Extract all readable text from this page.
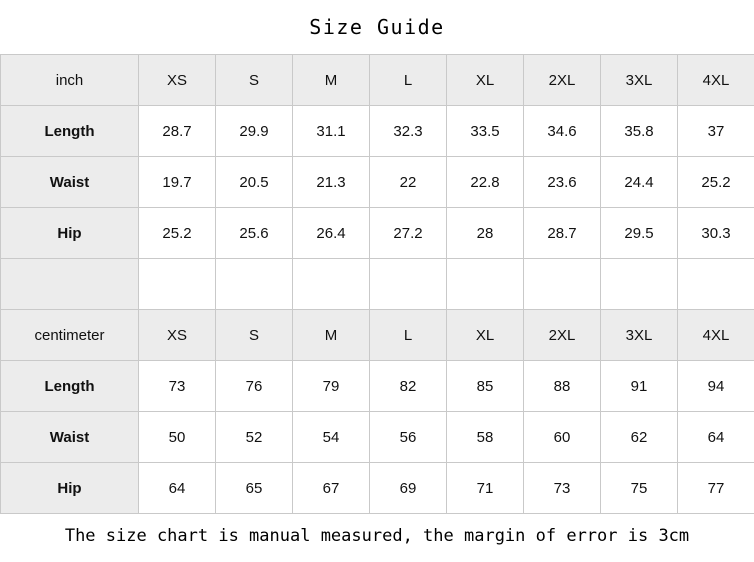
Size Guide
inch	XS	S	M	L	XL	2XL	3XL	4XL
Length	28.7	29.9	31.1	32.3	33.5	34.6	35.8	37
Waist	19.7	20.5	21.3	22	22.8	23.6	24.4	25.2
Hip	25.2	25.6	26.4	27.2	28	28.7	29.5	30.3

centimeter	XS	S	M	L	XL	2XL	3XL	4XL
Length	73	76	79	82	85	88	91	94
Waist	50	52	54	56	58	60	62	64
Hip	64	65	67	69	71	73	75	77
The size chart is manual measured, the margin of error is 3cm
